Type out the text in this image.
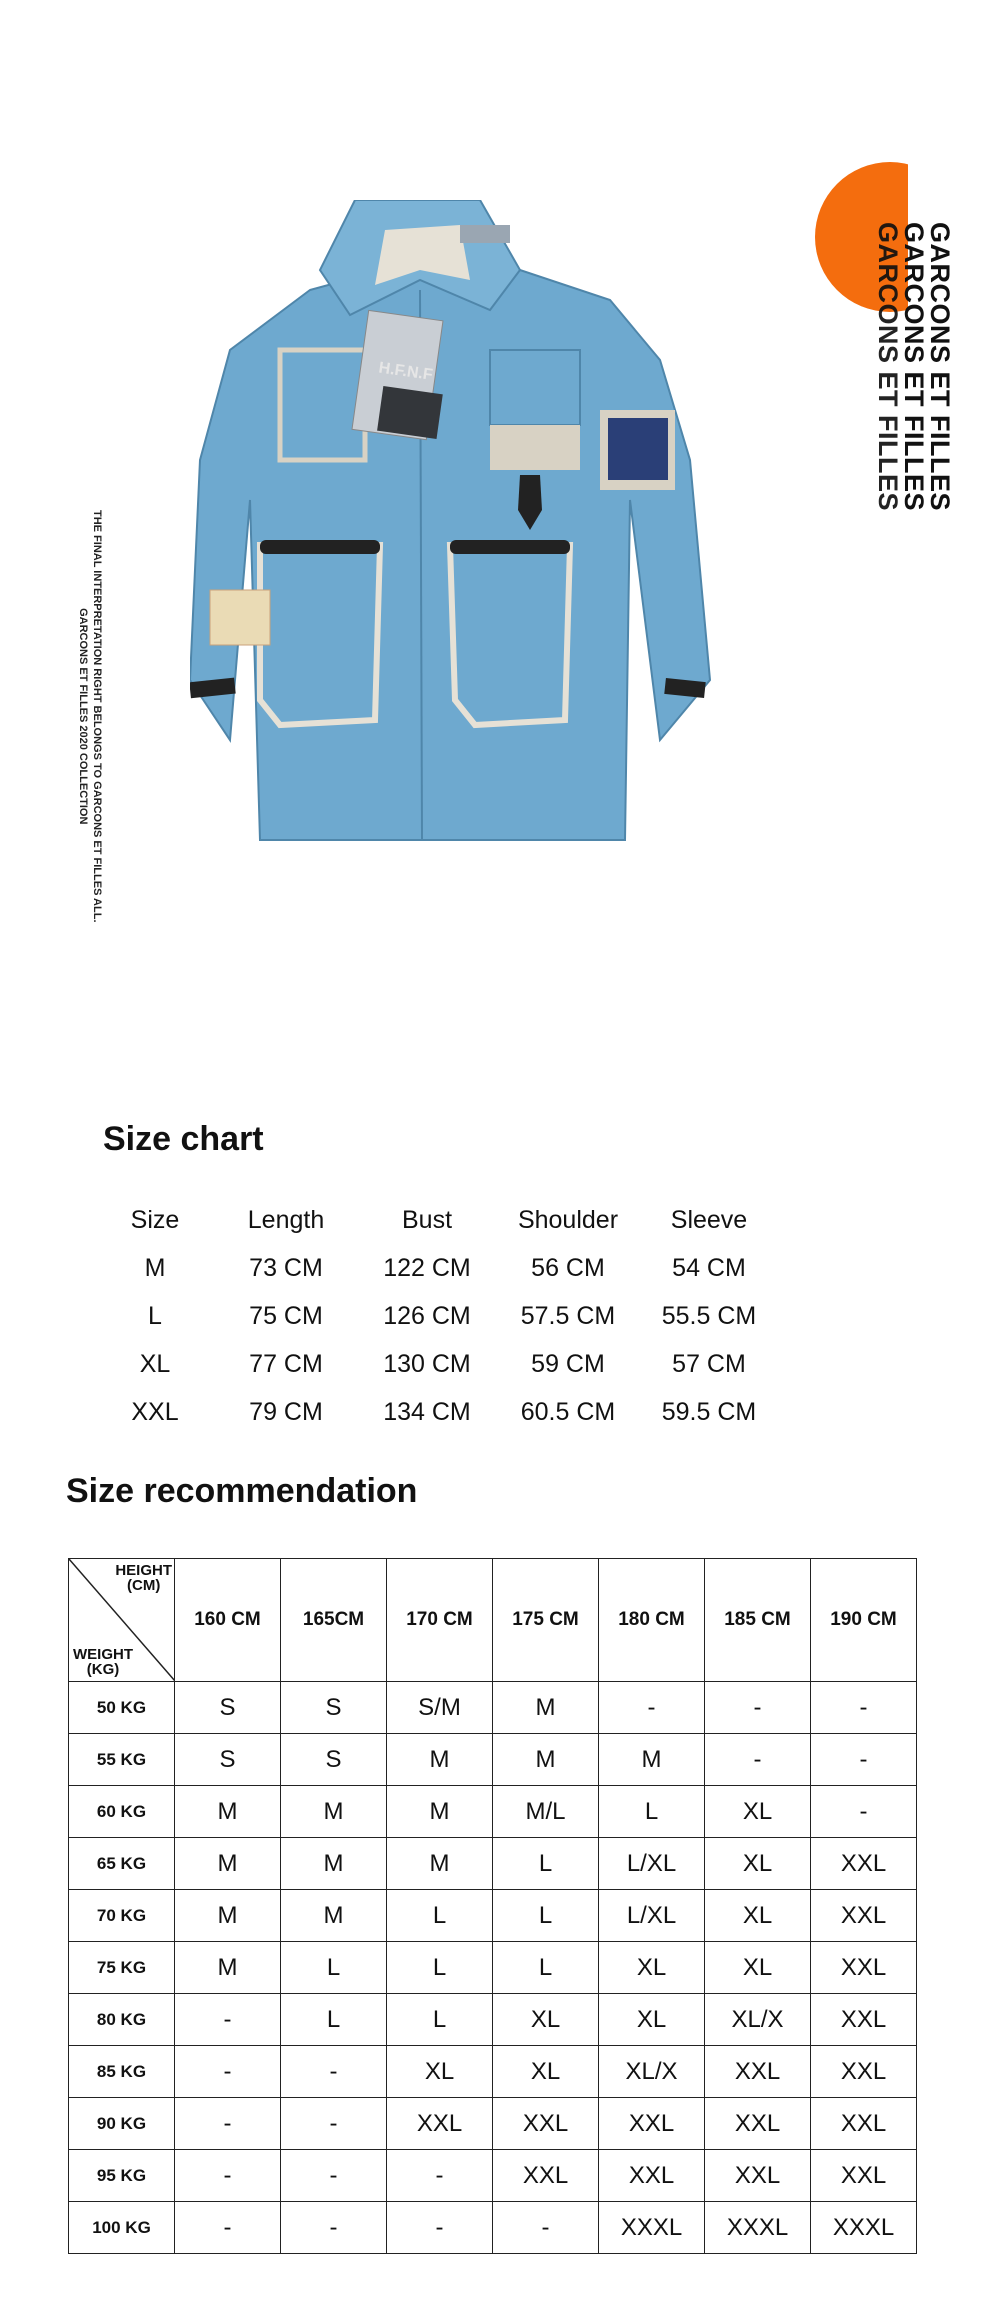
GARCONS ET FILLES
GARCONS ET FILLES
GARCONS ET FILLES
THE FINAL INTERPRETATION RIGHT BELONGS TO GARCONS ET FILLES ALL.
GARCONS ET FILLES 2020 COLLECTION
H.F.N.F
Size chart
Size	Length	Bust	Shoulder	Sleeve
M	73 CM	122 CM	56 CM	54 CM
L	75 CM	126 CM	57.5 CM	55.5 CM
XL	77 CM	130 CM	59 CM	57 CM
XXL	79 CM	134 CM	60.5 CM	59.5 CM
Size recommendation
HEIGHT
(CM)
WEIGHT
(KG)	160 CM	165CM	170 CM	175 CM	180 CM	185 CM	190 CM
50 KG	S	S	S/M	M	-	-	-
55 KG	S	S	M	M	M	-	-
60 KG	M	M	M	M/L	L	XL	-
65 KG	M	M	M	L	L/XL	XL	XXL
70 KG	M	M	L	L	L/XL	XL	XXL
75 KG	M	L	L	L	XL	XL	XXL
80 KG	-	L	L	XL	XL	XL/X	XXL
85 KG	-	-	XL	XL	XL/X	XXL	XXL
90 KG	-	-	XXL	XXL	XXL	XXL	XXL
95 KG	-	-	-	XXL	XXL	XXL	XXL
100 KG	-	-	-	-	XXXL	XXXL	XXXL
